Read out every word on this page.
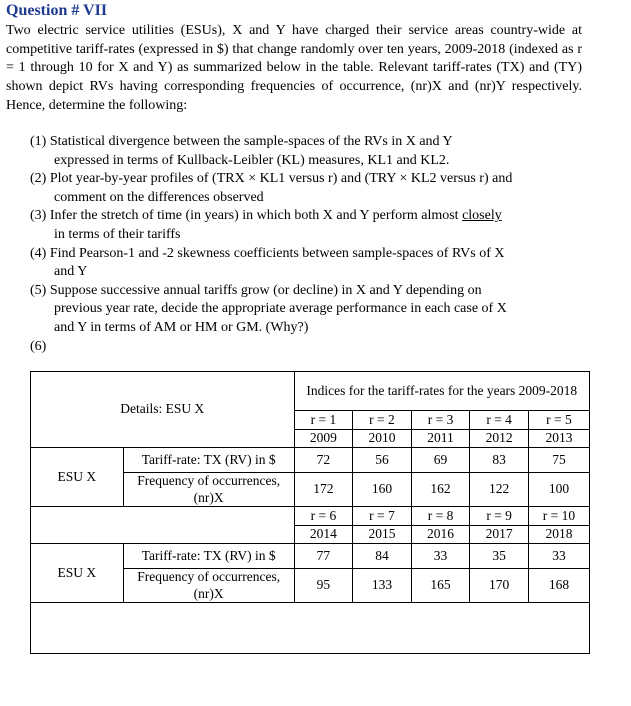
Question # VII
Two electric service utilities (ESUs), X and Y have charged their service areas country-wide at competitive tariff-rates (expressed in $) that change randomly over ten years, 2009-2018 (indexed as r = 1 through 10 for X and Y) as summarized below in the table. Relevant tariff-rates (TX) and (TY) shown depict RVs having corresponding frequencies of occurrence, (nr)X and (nr)Y respectively. Hence, determine the following:
(1) Statistical divergence between the sample-spaces of the RVs in X and Y
expressed in terms of Kullback-Leibler (KL) measures, KL1 and KL2.
(2) Plot year-by-year profiles of (TRX × KL1 versus r) and (TRY × KL2 versus r) and
comment on the differences observed
(3) Infer the stretch of time (in years) in which both X and Y perform almost closely
in terms of their tariffs
(4) Find Pearson-1 and -2 skewness coefficients between sample-spaces of RVs of X
and Y
(5) Suppose successive annual tariffs grow (or decline) in X and Y depending on
previous year rate, decide the appropriate average performance in each case of X
and Y in terms of AM or HM or GM. (Why?)
(6)
Details: ESU X		Indices for the tariff-rates for the years 2009-2018				
		r = 1	r = 2	r = 3	r = 4	r = 5
		2009	2010	2011	2012	2013
ESU X	Tariff-rate: TX (RV) in $	72	56	69	83	75
	Frequency of occurrences, (nr)X	172	160	162	122	100
		r = 6	r = 7	r = 8	r = 9	r = 10
		2014	2015	2016	2017	2018
ESU X	Tariff-rate: TX (RV) in $	77	84	33	35	33
	Frequency of occurrences, (nr)X	95	133	165	170	168
